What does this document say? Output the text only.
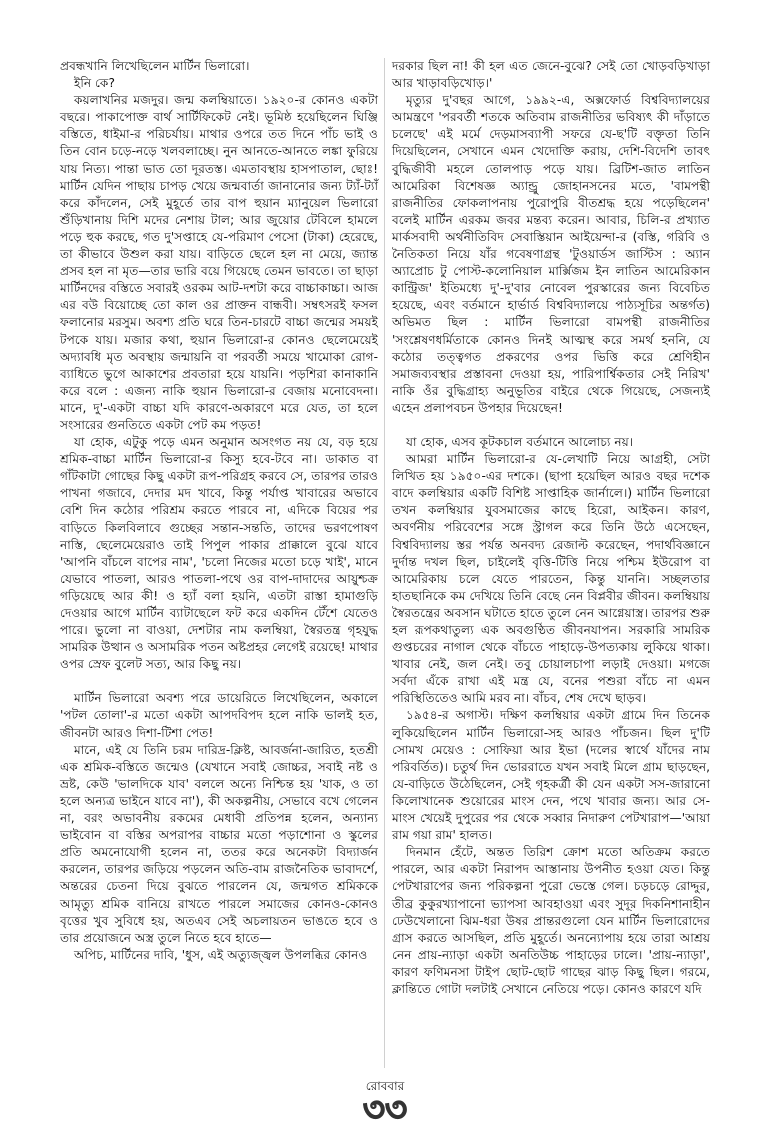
প্রবন্ধখানি লিখেছিলেন মার্টিন ভিলারো।

ইনি কে?

কয়লাখনির মজদুর। জন্ম কলম্বিয়াতে। ১৯২০-র কোনও একটা বছরে। পাকাপোক্ত বার্থ সার্টিফিকেট নেই। ভূমিষ্ঠ হয়েছিলেন ঘিঞ্জি বস্তিতে, ধাইমা-র পরিচর্যায়। মাথার ওপরে তত দিনে পাঁচ ভাই ও তিন বোন চড়ে-নড়ে খলবলাচ্ছে। নুন আনতে-আনতে লঙ্কা ফুরিয়ে যায় নিত্য। পান্তা ভাত তো দূরতস্ত। এমতাবস্থায় হাসপাতাল, ছোঃ! মার্টিন যেদিন পাছায় চাপড় খেয়ে জন্মবার্তা জানানোর জন্য ট্যাঁ-ট্যাঁ করে কাঁদলেন, সেই মুহূর্তে তার বাপ হুয়ান ম্যানুয়েল ভিলারো শুঁড়িখানায় দিশি মদের নেশায় টাল; আর জুয়োর টেবিলে হামলে পড়ে হুক করছে, গত দু'সপ্তাহে যে-পরিমাণ পেসো (টাকা) হেরেছে, তা কীভাবে উশুল করা যায়। বাড়িতে ছেলে হল না মেয়ে, জ্যান্ত প্রসব হল না মৃত—তার ভারি বয়ে গিয়েছে তেমন ভাবতে। তা ছাড়া মার্টিনদের বস্তিতে সবারই ওরকম আট-দশটা করে বাচ্চাকাচ্চা। আজ এর বউ বিয়োচ্ছে তো কাল ওর প্রাক্তন বান্ধবী। সম্বৎসরই ফসল ফলানোর মরসুম। অবশ্য প্রতি ঘরে তিন-চারটে বাচ্চা জন্মের সময়ই টপকে যায়। মজার কথা, হুয়ান ভিলারো-র কোনও ছেলেমেয়েই অদ্যাবধি মৃত অবস্থায় জন্মায়নি বা পরবর্তী সময়ে খামোকা রোগ-ব্যাধিতে ভুগে আকাশের প্রবতারা হয়ে যায়নি। পড়শিরা কানাকানি করে বলে : এজন্য নাকি হুয়ান ভিলারো-র বেজায় মনোবেদনা। মানে, দু'-একটা বাচ্চা যদি কারণে-অকারণে মরে যেত, তা হলে সংসারের গুনতিতে একটা পেট কম পড়ত!

যা হোক, এটুকু পড়ে এমন অনুমান অসংগত নয় যে, বড় হয়ে শ্রমিক-বাচ্চা মার্টিন ভিলারো-র কিস্যু হবে-টবে না। ডাকাত বা গাঁটকাটা গোছের কিছু একটা রূপ-পরিগ্রহ করবে সে, তারপর তারও পাখনা গজাবে, দেদার মদ খাবে, কিন্তু পর্যাপ্ত খাবারের অভাবে বেশি দিন কঠোর পরিশ্রম করতে পারবে না, এদিকে বিয়ের পর বাড়িতে কিলবিলাবে গুচ্ছের সন্তান-সন্ততি, তাদের ভরণপোষণ নাস্তি, ছেলেমেয়েরাও তাই পিপুল পাকার প্রাক্কালে বুঝে যাবে 'আপনি বাঁচলে বাপের নাম', 'চলো নিজের মতো চড়ে খাই', মানে যেভাবে পাতলা, আরও পাতলা-পথে ওর বাপ-দাদাদের আয়ুশ্চক্র গড়িয়েছে আর কী! ও হ্যাঁ বলা হয়নি, এতটা রাস্তা হামাগুড়ি দেওয়ার আগে মার্টিন ব্যাটাছেলে ফট করে একদিন টেঁশে যেতেও পারে। ভুলো না বাওয়া, দেশটার নাম কলম্বিয়া, স্বৈরতন্ত্র গৃহযুদ্ধ সামরিক উত্থান ও অসামরিক পতন অষ্টপ্রহর লেগেই রয়েছে! মাথার ওপর স্রেফ বুলেট সত্য, আর কিছু নয়।

মার্টিন ভিলারো অবশ্য পরে ডায়েরিতে লিখেছিলেন, অকালে 'পটল তোলা'-র মতো একটা আপদবিপদ হলে নাকি ভালই হত, জীবনটা আরও দিশা-টিশা পেত!

মানে, এই যে তিনি চরম দারিদ্র-ক্লিষ্ট, আবর্জনা-জারিত, হতশ্রী এক শ্রমিক-বস্তিতে জন্মেও (যেখানে সবাই জোচ্চর, সবাই নষ্ট ও ভ্রষ্ট, কেউ 'ভালদিকে যাব' বললে অন্যে নিশ্চিন্ত হয় 'যাক, ও তা হলে অন্যত্র ভাইনে যাবে না'), কী অকল্পনীয়, সেভাবে বখে গেলেন না, বরং অভাবনীয় রকমের মেধাবী প্রতিপন্ন হলেন, অন্যান্য ভাইবোন বা বস্তির অপরাপর বাচ্চার মতো পড়াশোনা ও স্কুলের প্রতি অমনোযোগী হলেন না, ততর করে অনেকটা বিদ্যার্জন করলেন, তারপর জড়িয়ে পড়লেন অতি-বাম রাজনৈতিক ভাবাদর্শে, অন্তরের চেতনা দিয়ে বুঝতে পারলেন যে, জন্মগত শ্রমিককে আমৃত্যু শ্রমিক বানিয়ে রাখতে পারলে সমাজের কোনও-কোনও বৃত্তের খুব সুবিধে হয়, অতএব সেই অচলায়তন ভাঙতে হবে ও তার প্রয়োজনে অস্ত্র তুলে নিতে হবে হাতে—

অপিচ, মার্টিনের দাবি, 'ধুস, এই অত্যুজ্জ্বল উপলব্ধির কোনও

দরকার ছিল না! কী হল এত জেনে-বুঝে? সেই তো খোড়বড়িখাড়া আর খাড়াবড়িখোড়।'

মৃত্যুর দু'বছর আগে, ১৯৯২-এ, অক্সফোর্ড বিশ্ববিদ্যালয়ের আমন্ত্রণে 'পরবর্তী শতকে অতিবাম রাজনীতির ভবিষ্যৎ কী দাঁড়াতে চলেছে' এই মর্মে দেড়মাসব্যাপী সফরে যে-ছ'টি বক্তৃতা তিনি দিয়েছিলেন, সেখানে এমন খেদোক্তি করায়, দেশি-বিদেশি তাবৎ বুদ্ধিজীবী মহলে তোলপাড় পড়ে যায়। ব্রিটিশ-জাত লাতিন আমেরিকা বিশেষজ্ঞ অ্যান্ড্রু জোহানসনের মতে, 'বামপন্থী রাজনীতির ফোকলাপনায় পুরোপুরি বীতশ্রদ্ধ হয়ে পড়েছিলেন' বলেই মার্টিন এরকম জবর মন্তব্য করেন। আবার, চিলি-র প্রখ্যাত মার্কসবাদী অর্থনীতিবিদ সেবাস্তিয়ান আইয়েন্দা-র (বস্তি, গরিবি ও নৈতিকতা নিয়ে যাঁর গবেষণাগ্রন্থ 'টুওয়ার্ডস জাস্টিস : অ্যান অ্যাপ্রোচ টু পোস্ট-কলোনিয়াল মার্ক্সিজম ইন লাতিন আমেরিকান কান্ট্রিজ' ইতিমধ্যে দু'-দু'বার নোবেল পুরস্কারের জন্য বিবেচিত হয়েছে, এবং বর্তমানে হার্ভার্ড বিশ্ববিদ্যালয়ে পাঠ্যসূচির অন্তর্গত) অভিমত ছিল : মার্টিন ভিলারো বামপন্থী রাজনীতির 'সংশ্লেষণধর্মিতাকে কোনও দিনই আত্মস্থ করে সমর্থ হননি, যে কঠোর তত্ত্বগত প্রকরণের ওপর ভিত্তি করে শ্রেণিহীন সমাজব্যবস্থার প্রস্তাবনা দেওয়া হয়, পারিপার্শ্বিকতার সেই নিরিখ' নাকি ওঁর বুদ্ধিগ্রাহ্য অনুভূতির বাইরে থেকে গিয়েছে, সেজন্যই এহেন প্রলাপবচন উপহার দিয়েছেন!

যা হোক, এসব কূটকচাল বর্তমানে আলোচ্য নয়।

আমরা মার্টিন ভিলারো-র যে-লেখাটি নিয়ে আগ্রহী, সেটা লিখিত হয় ১৯৫০-এর দশকে। (ছাপা হয়েছিল আরও বছর দশেক বাদে কলম্বিয়ার একটি বিশিষ্ট সাপ্তাহিক জার্নালে।) মার্টিন ভিলারো তখন কলম্বিয়ার যুবসমাজের কাছে হিরো, আইকন। কারণ, অবর্ণনীয় পরিবেশের সঙ্গে স্ট্রাগল করে তিনি উঠে এসেছেন, বিশ্ববিদ্যালয় স্তর পর্যন্ত অনবদ্য রেজাল্ট করেছেন, পদার্থবিজ্ঞানে দুর্দান্ত দখল ছিল, চাইলেই বৃত্তি-টিত্তি নিয়ে পশ্চিম ইউরোপ বা আমেরিকায় চলে যেতে পারতেন, কিন্তু যাননি। সচ্ছলতার হাতছানিকে কম দেখিয়ে তিনি বেছে নেন বিপ্লবীর জীবন। কলম্বিয়ায় স্বৈরতন্ত্রের অবসান ঘটাতে হাতে তুলে নেন আগ্নেয়াস্ত্র। তারপর শুরু হল রূপকথাতুল্য এক অবগুণ্ঠিত জীবনযাপন। সরকারি সামরিক গুপ্তচরের নাগাল থেকে বাঁচতে পাহাড়ে-উপত্যকায় লুকিয়ে থাকা। খাবার নেই, জল নেই। তবু চোয়ালচাপা লড়াই দেওয়া। মগজে সর্বদা এঁকে রাখা এই মন্ত্র যে, বনের পশুরা বাঁচে না এমন পরিস্থিতিতেও আমি মরব না। বাঁচব, শেষ দেখে ছাড়ব।

১৯৫৪-র অগাস্ট। দক্ষিণ কলম্বিয়ার একটা গ্রামে দিন তিনেক লুকিয়েছিলেন মার্টিন ভিলারো-সহ আরও পাঁচজন। ছিল দু'টি সোমখ মেয়েও : সোফিয়া আর ইভা (দলের স্বার্থে যাঁদের নাম পরিবর্তিত)। চতুর্থ দিন ভোররাতে যখন সবাই মিলে গ্রাম ছাড়ছেন, যে-বাড়িতে উঠেছিলেন, সেই গৃহকর্ত্রী কী যেন একটা সস-জারানো কিলোখানেক শুয়োরের মাংস দেন, পথে খাবার জন্য। আর সে-মাংস খেয়েই দুপুরের পর থেকে সব্বার নিদারুণ পেটখারাপ—'আয়া রাম গয়া রাম' হালত।

দিনমান হেঁটে, অন্তত তিরিশ ক্রোশ মতো অতিক্রম করতে পারলে, আর একটা নিরাপদ আস্তানায় উপনীত হওয়া যেত। কিন্তু পেটখারাপের জন্য পরিকল্পনা পুরো ভেস্তে গেল। চড়চড়ে রোদ্দুর, তীব্র কুকুরখ্যাপানো ভ্যাপসা আবহাওয়া এবং সুদূর দিকনিশানাহীন ঢেউখেলানো ঝিম-ধরা উষর প্রান্তরগুলো যেন মার্টিন ভিলারোদের গ্রাস করতে আসছিল, প্রতি মুহূর্তে। অনন্যোপায় হয়ে তারা আশ্রয় নেন প্রায়-ন্যাড়া একটা অনতিউচ্চ পাহাড়ের ঢালে। 'প্রায়-ন্যাড়া', কারণ ফণিমনসা টাইপ ছোট-ছোট গাছের ঝাড় কিছু ছিল। গরমে, ক্লান্তিতে গোটা দলটাই সেখানে নেতিয়ে পড়ে। কোনও কারণে যদি

রোববার
৩৩
